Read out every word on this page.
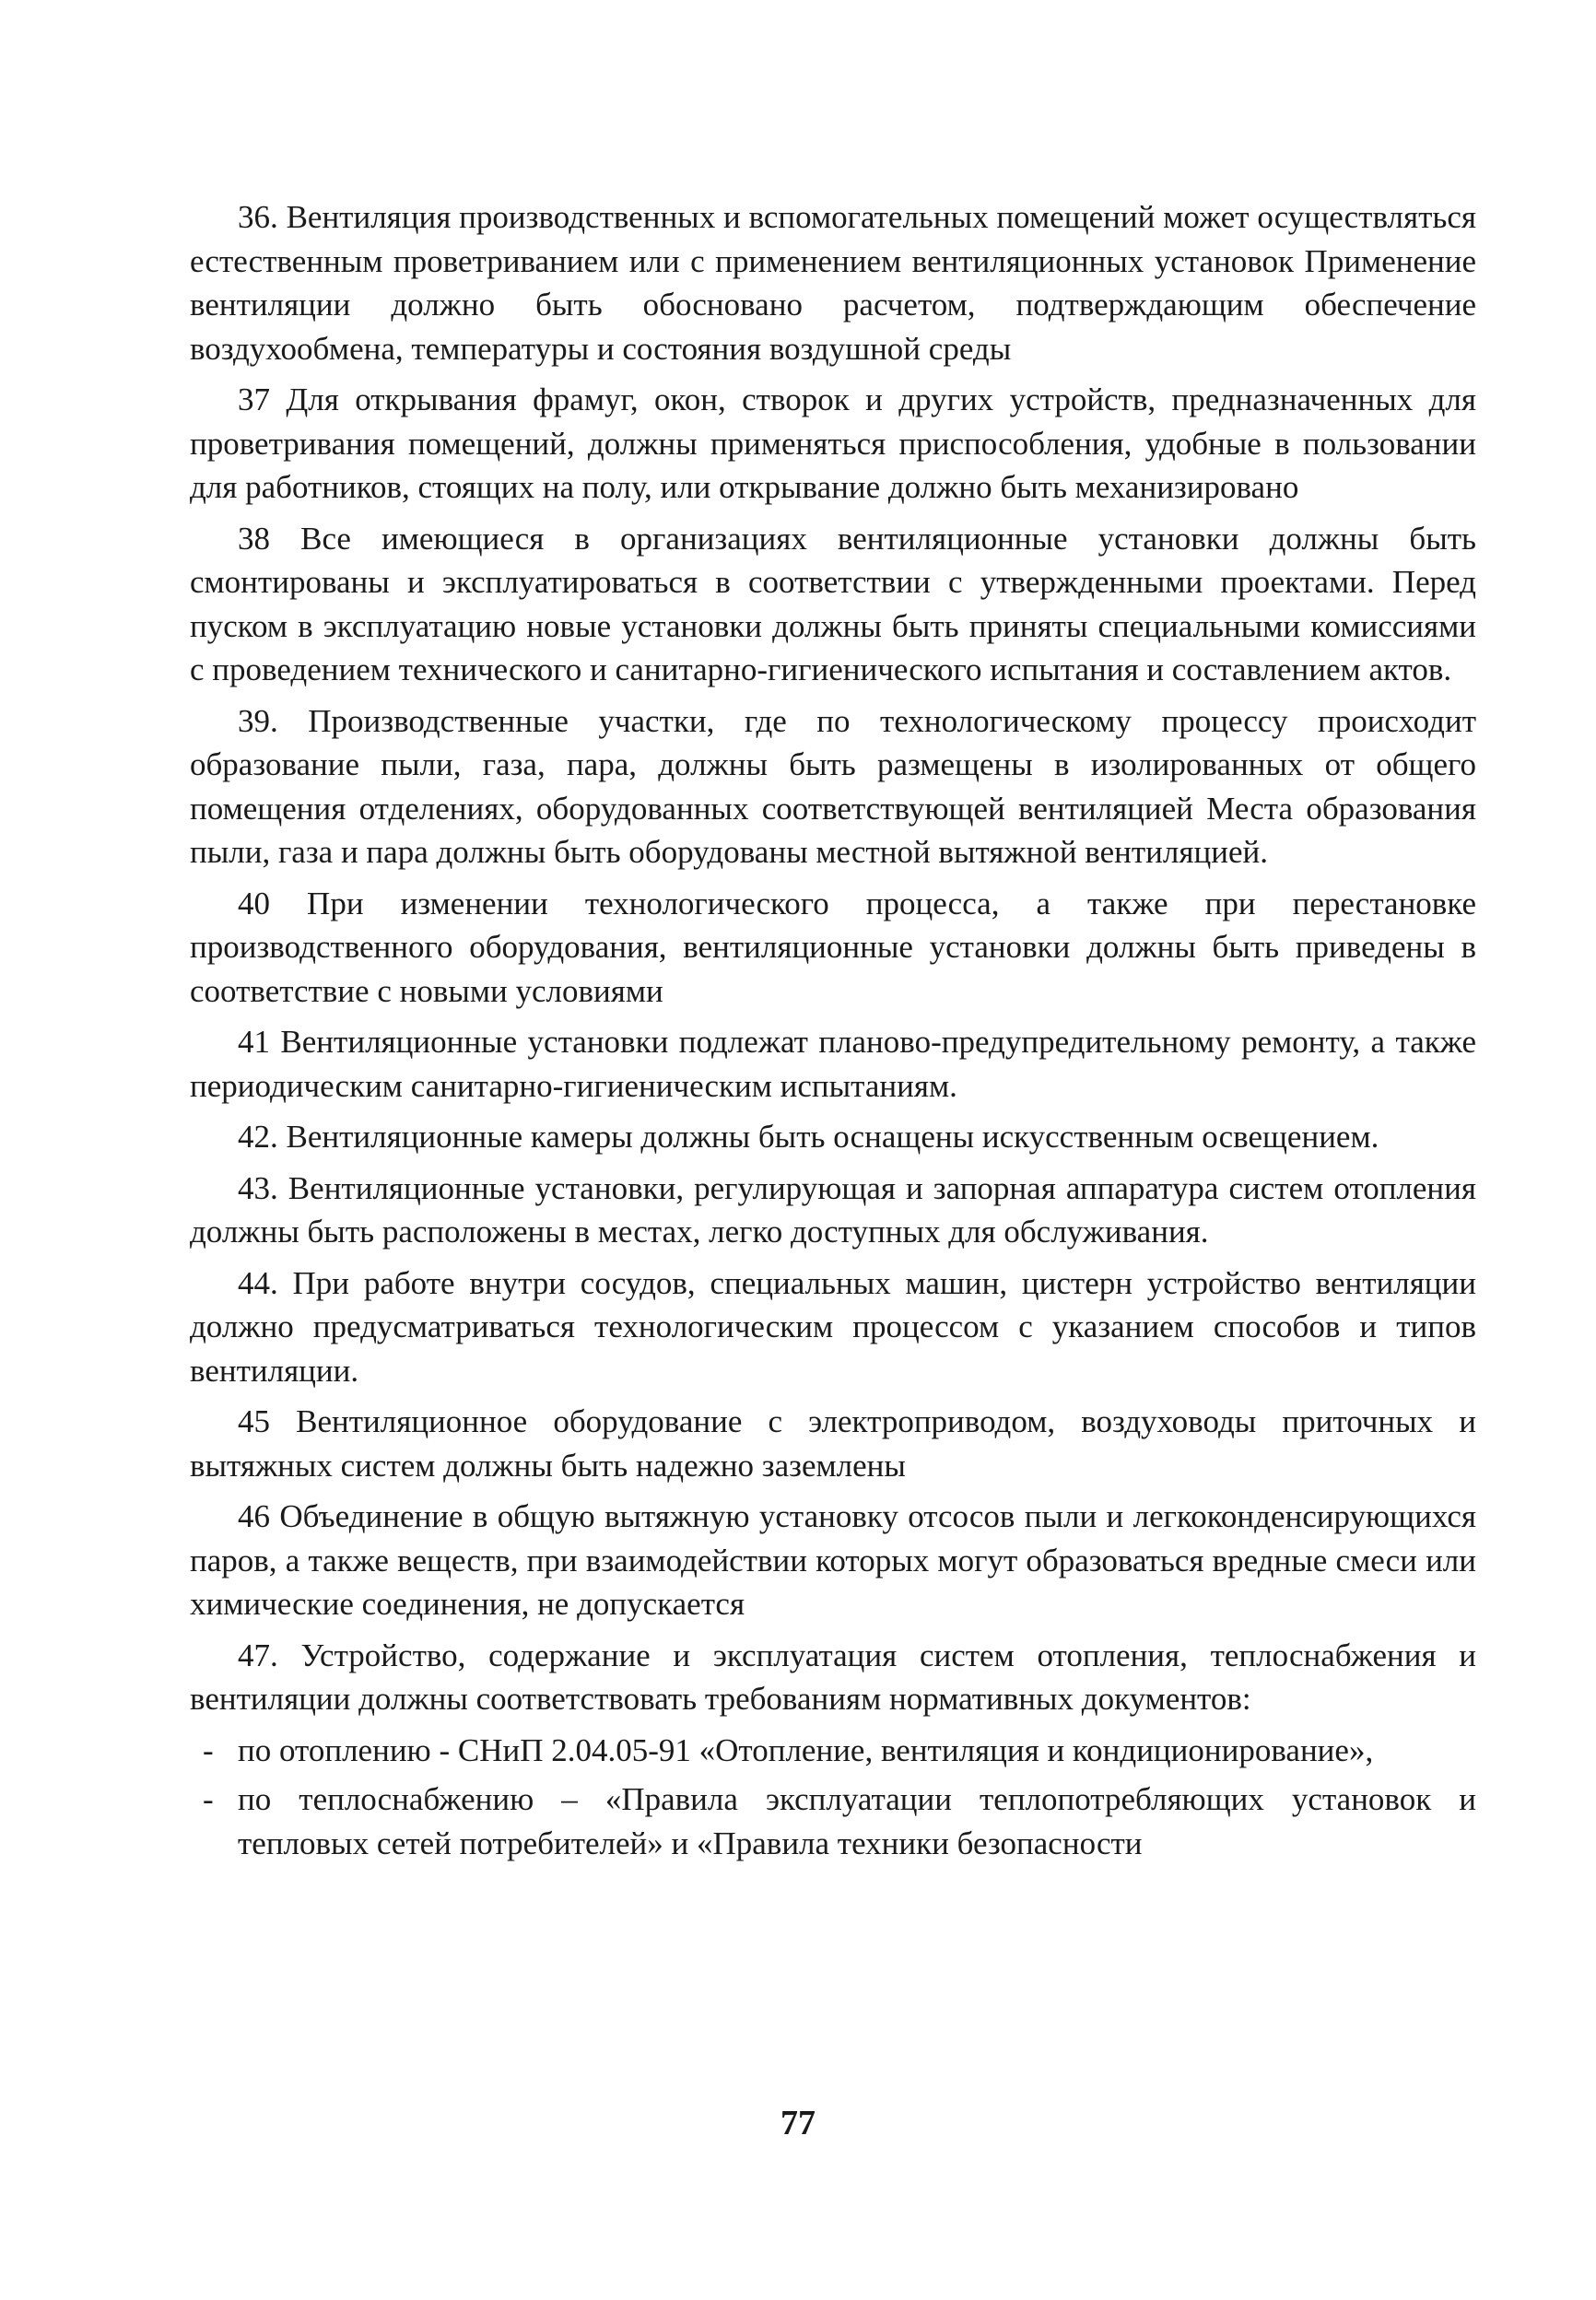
36. Вентиляция производственных и вспомогательных помещений может осуществляться естественным проветриванием или с применением вентиляционных установок Применение вентиляции должно быть обосновано расчетом, подтверждающим обеспечение воздухообмена, температуры и состояния воздушной среды

37 Для открывания фрамуг, окон, створок и других устройств, предназначенных для проветривания помещений, должны применяться приспособления, удобные в пользовании для работников, стоящих на полу, или открывание должно быть механизировано

38 Все имеющиеся в организациях вентиляционные установки должны быть смонтированы и эксплуатироваться в соответствии с утвержденными проектами. Перед пуском в эксплуатацию новые установки должны быть приняты специальными комиссиями с проведением технического и санитарно-гигиенического испытания и составлением актов.

39. Производственные участки, где по технологическому процессу происходит образование пыли, газа, пара, должны быть размещены в изолированных от общего помещения отделениях, оборудованных соответствующей вентиляцией Места образования пыли, газа и пара должны быть оборудованы местной вытяжной вентиляцией.

40 При изменении технологического процесса, а также при перестановке производственного оборудования, вентиляционные установки должны быть приведены в соответствие с новыми условиями

41 Вентиляционные установки подлежат планово-предупредительному ремонту, а также периодическим санитарно-гигиеническим испытаниям.

42. Вентиляционные камеры должны быть оснащены искусственным освещением.

43. Вентиляционные установки, регулирующая и запорная аппаратура систем отопления должны быть расположены в местах, легко доступных для обслуживания.

44. При работе внутри сосудов, специальных машин, цистерн устройство вентиляции должно предусматриваться технологическим процессом с указанием способов и типов вентиляции.

45 Вентиляционное оборудование с электроприводом, воздуховоды приточных и вытяжных систем должны быть надежно заземлены

46 Объединение в общую вытяжную установку отсосов пыли и легкоконденсирующихся паров, а также веществ, при взаимодействии которых могут образоваться вредные смеси или химические соединения, не допускается

47. Устройство, содержание и эксплуатация систем отопления, теплоснабжения и вентиляции должны соответствовать требованиям нормативных документов:

- по отоплению - СНиП 2.04.05-91 «Отопление, вентиляция и кондиционирование»,
- по теплоснабжению – «Правила эксплуатации теплопотребляющих установок и тепловых сетей потребителей» и «Правила техники безопасности
77
